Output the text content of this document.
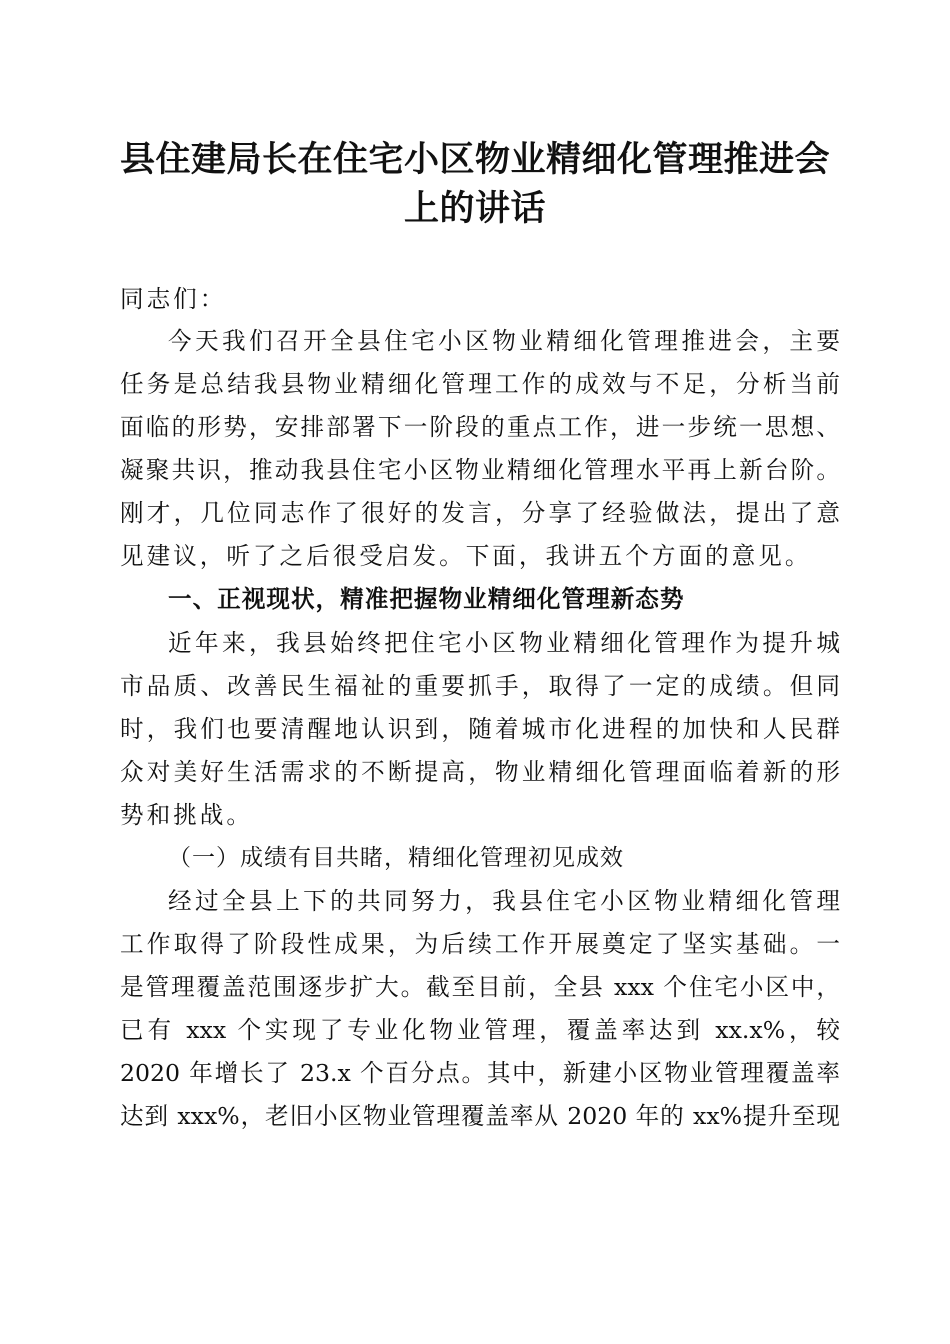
县住建局长在住宅小区物业精细化管理推进会
上的讲话
同志们：
今天我们召开全县住宅小区物业精细化管理推进会，主要
任务是总结我县物业精细化管理工作的成效与不足，分析当前
面临的形势，安排部署下一阶段的重点工作，进一步统一思想、
凝聚共识，推动我县住宅小区物业精细化管理水平再上新台阶。
刚才，几位同志作了很好的发言，分享了经验做法，提出了意
见建议，听了之后很受启发。下面，我讲五个方面的意见。
一、正视现状，精准把握物业精细化管理新态势
近年来，我县始终把住宅小区物业精细化管理作为提升城
市品质、改善民生福祉的重要抓手，取得了一定的成绩。但同
时，我们也要清醒地认识到，随着城市化进程的加快和人民群
众对美好生活需求的不断提高，物业精细化管理面临着新的形
势和挑战。
（一）成绩有目共睹，精细化管理初见成效
经过全县上下的共同努力，我县住宅小区物业精细化管理
工作取得了阶段性成果，为后续工作开展奠定了坚实基础。一
是管理覆盖范围逐步扩大。截至目前，全县 xxx 个住宅小区中，
已有 xxx 个实现了专业化物业管理，覆盖率达到 xx.x%，较
2020 年增长了 23.x 个百分点。其中，新建小区物业管理覆盖率
达到 xxx%，老旧小区物业管理覆盖率从 2020 年的 xx%提升至现
